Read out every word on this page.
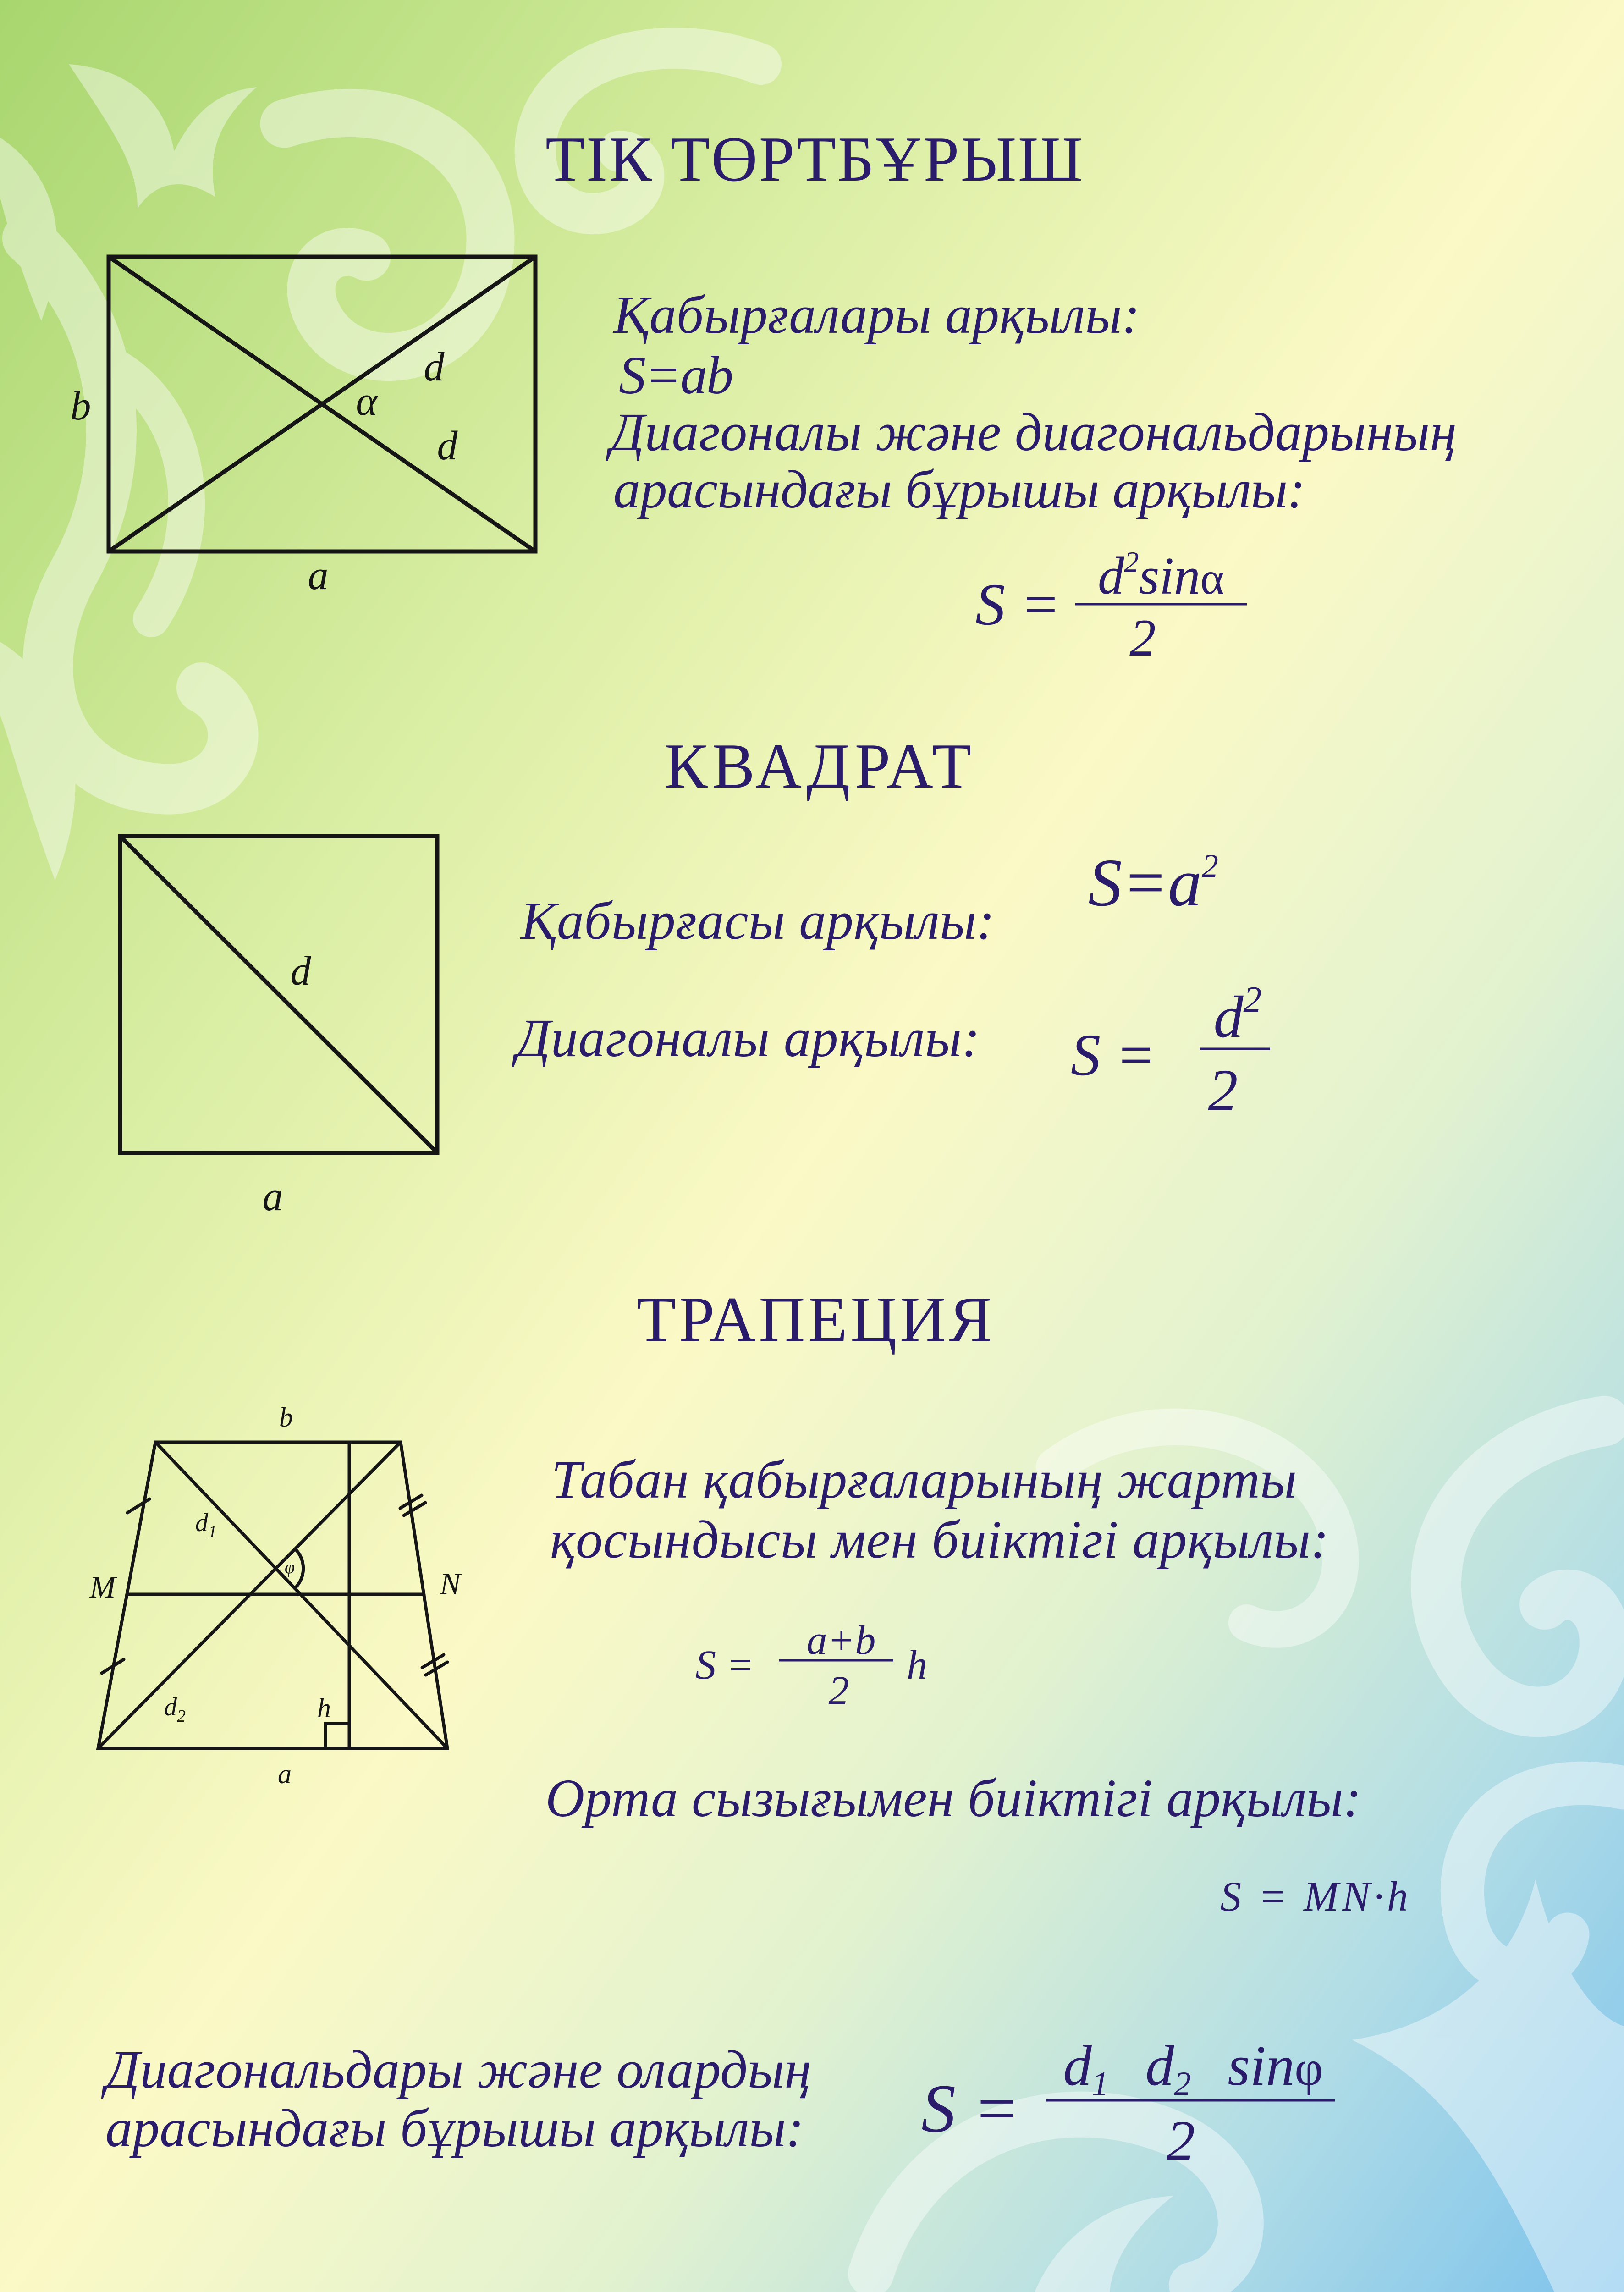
ТІК ТӨРТБҰРЫШ
b
a
d
α
d
Қабырғалары арқылы:
S=ab
Диагоналы және диагональдарының
арасындағы бұрышы арқылы:
$S = d^2\sin\alpha$
2
КВАДРАТ
d
a
Қабырғасы арқылы:
$S=a^2$
Диагоналы арқылы: S =
$d^2$
2
ТРАПЕЦИЯ
b
a
M	N
$d_1$
$d_2$	h
φ
Табан қабырғаларының жарты
қосындысы мен биіктігі арқылы:
S =
a+b
2
h
Орта сызығымен биіктігі арқылы:
S = MN·h
Диагональдары және олардың
арасындағы бұрышы арқылы: S =
d1 d2 sinφ
2
